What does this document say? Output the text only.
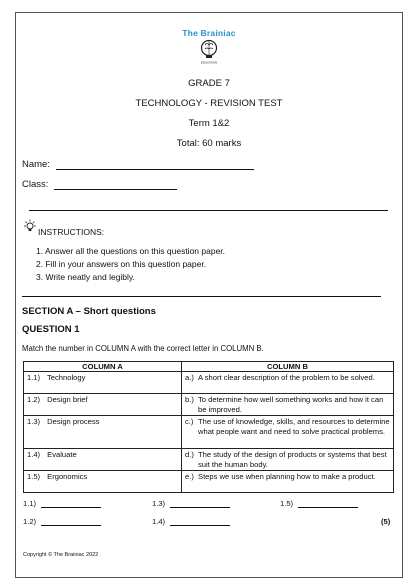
The Brainiac
EDUCATION
GRADE 7
TECHNOLOGY - REVISION TEST
Term 1&2
Total: 60 marks
Name:
Class:
INSTRUCTIONS:
1. Answer all the questions on this question paper.
2. Fill in your answers on this question paper.
3. Write neatly and legibly.
SECTION A – Short questions
QUESTION 1
Match the number in COLUMN A with the correct letter in COLUMN B.
COLUMN A	COLUMN B
1.1) Technology	a.) A short clear description of the problem to be solved.

1.2) Design brief	b.) To determine how well something works and how it can be improved.

1.3) Design process	c.) The use of knowledge, skills, and resources to determine what people want and need to solve practical problems.

1.4) Evaluate	d.) The study of the design of products or systems that best suit the human body.

1.5) Ergonomics	e.) Steps we use when planning how to make a product.
1.1)	1.3)	1.5)
1.2)	1.4)	(5)
Copyright © The Brainiac 2022
